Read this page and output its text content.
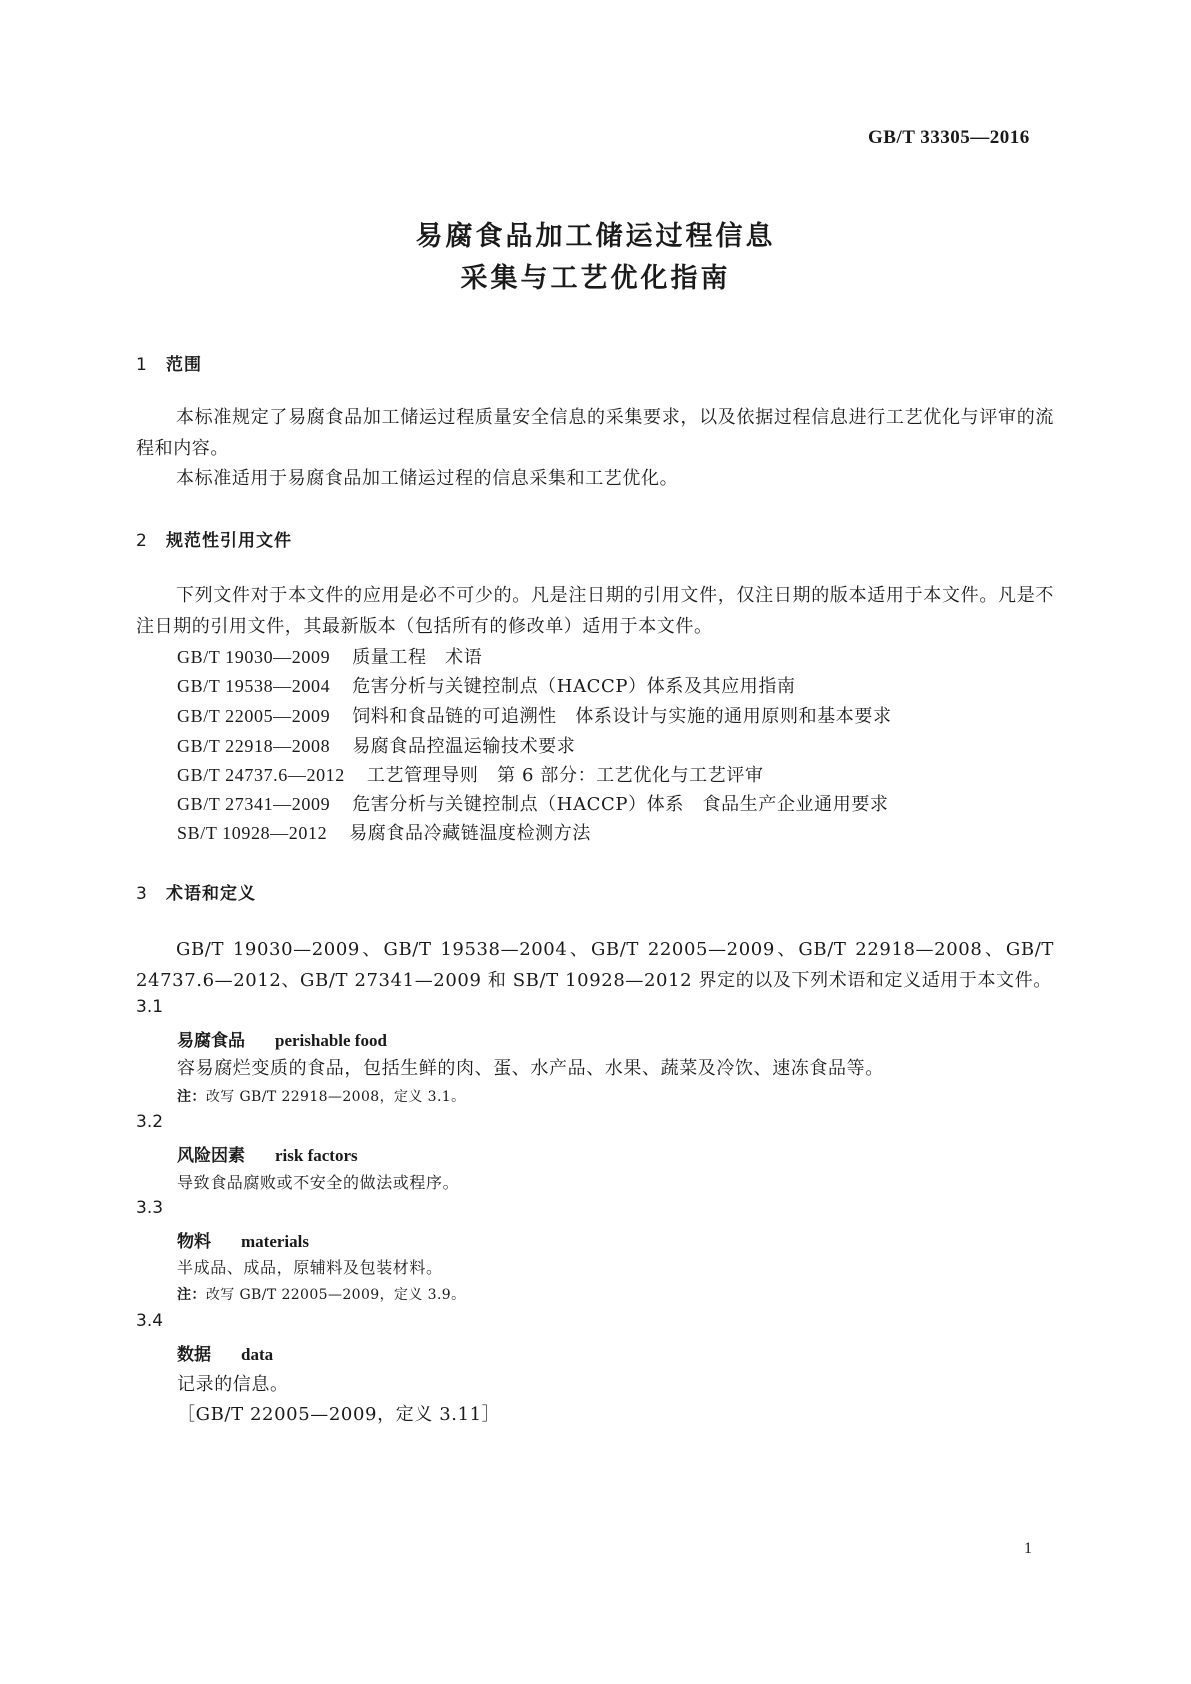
GB/T 33305—2016
易腐食品加工储运过程信息
采集与工艺优化指南
1 范围
本标准规定了易腐食品加工储运过程质量安全信息的采集要求，以及依据过程信息进行工艺优化与评审的流程和内容。
本标准适用于易腐食品加工储运过程的信息采集和工艺优化。
2 规范性引用文件
下列文件对于本文件的应用是必不可少的。凡是注日期的引用文件，仅注日期的版本适用于本文件。凡是不注日期的引用文件，其最新版本（包括所有的修改单）适用于本文件。
GB/T 19030—2009 质量工程　术语
GB/T 19538—2004 危害分析与关键控制点（HACCP）体系及其应用指南
GB/T 22005—2009 饲料和食品链的可追溯性　体系设计与实施的通用原则和基本要求
GB/T 22918—2008 易腐食品控温运输技术要求
GB/T 24737.6—2012 工艺管理导则　第 6 部分：工艺优化与工艺评审
GB/T 27341—2009 危害分析与关键控制点（HACCP）体系　食品生产企业通用要求
SB/T 10928—2012 易腐食品冷藏链温度检测方法
3 术语和定义
GB/T 19030—2009、GB/T 19538—2004、GB/T 22005—2009、GB/T 22918—2008、GB/T 24737.6—2012、GB/T 27341—2009 和 SB/T 10928—2012 界定的以及下列术语和定义适用于本文件。
3.1
易腐食品 perishable food
容易腐烂变质的食品，包括生鲜的肉、蛋、水产品、水果、蔬菜及冷饮、速冻食品等。
注：改写 GB/T 22918—2008，定义 3.1。
3.2
风险因素 risk factors
导致食品腐败或不安全的做法或程序。
3.3
物料 materials
半成品、成品，原辅料及包装材料。
注：改写 GB/T 22005—2009，定义 3.9。
3.4
数据 data
记录的信息。
［GB/T 22005—2009，定义 3.11］
1
